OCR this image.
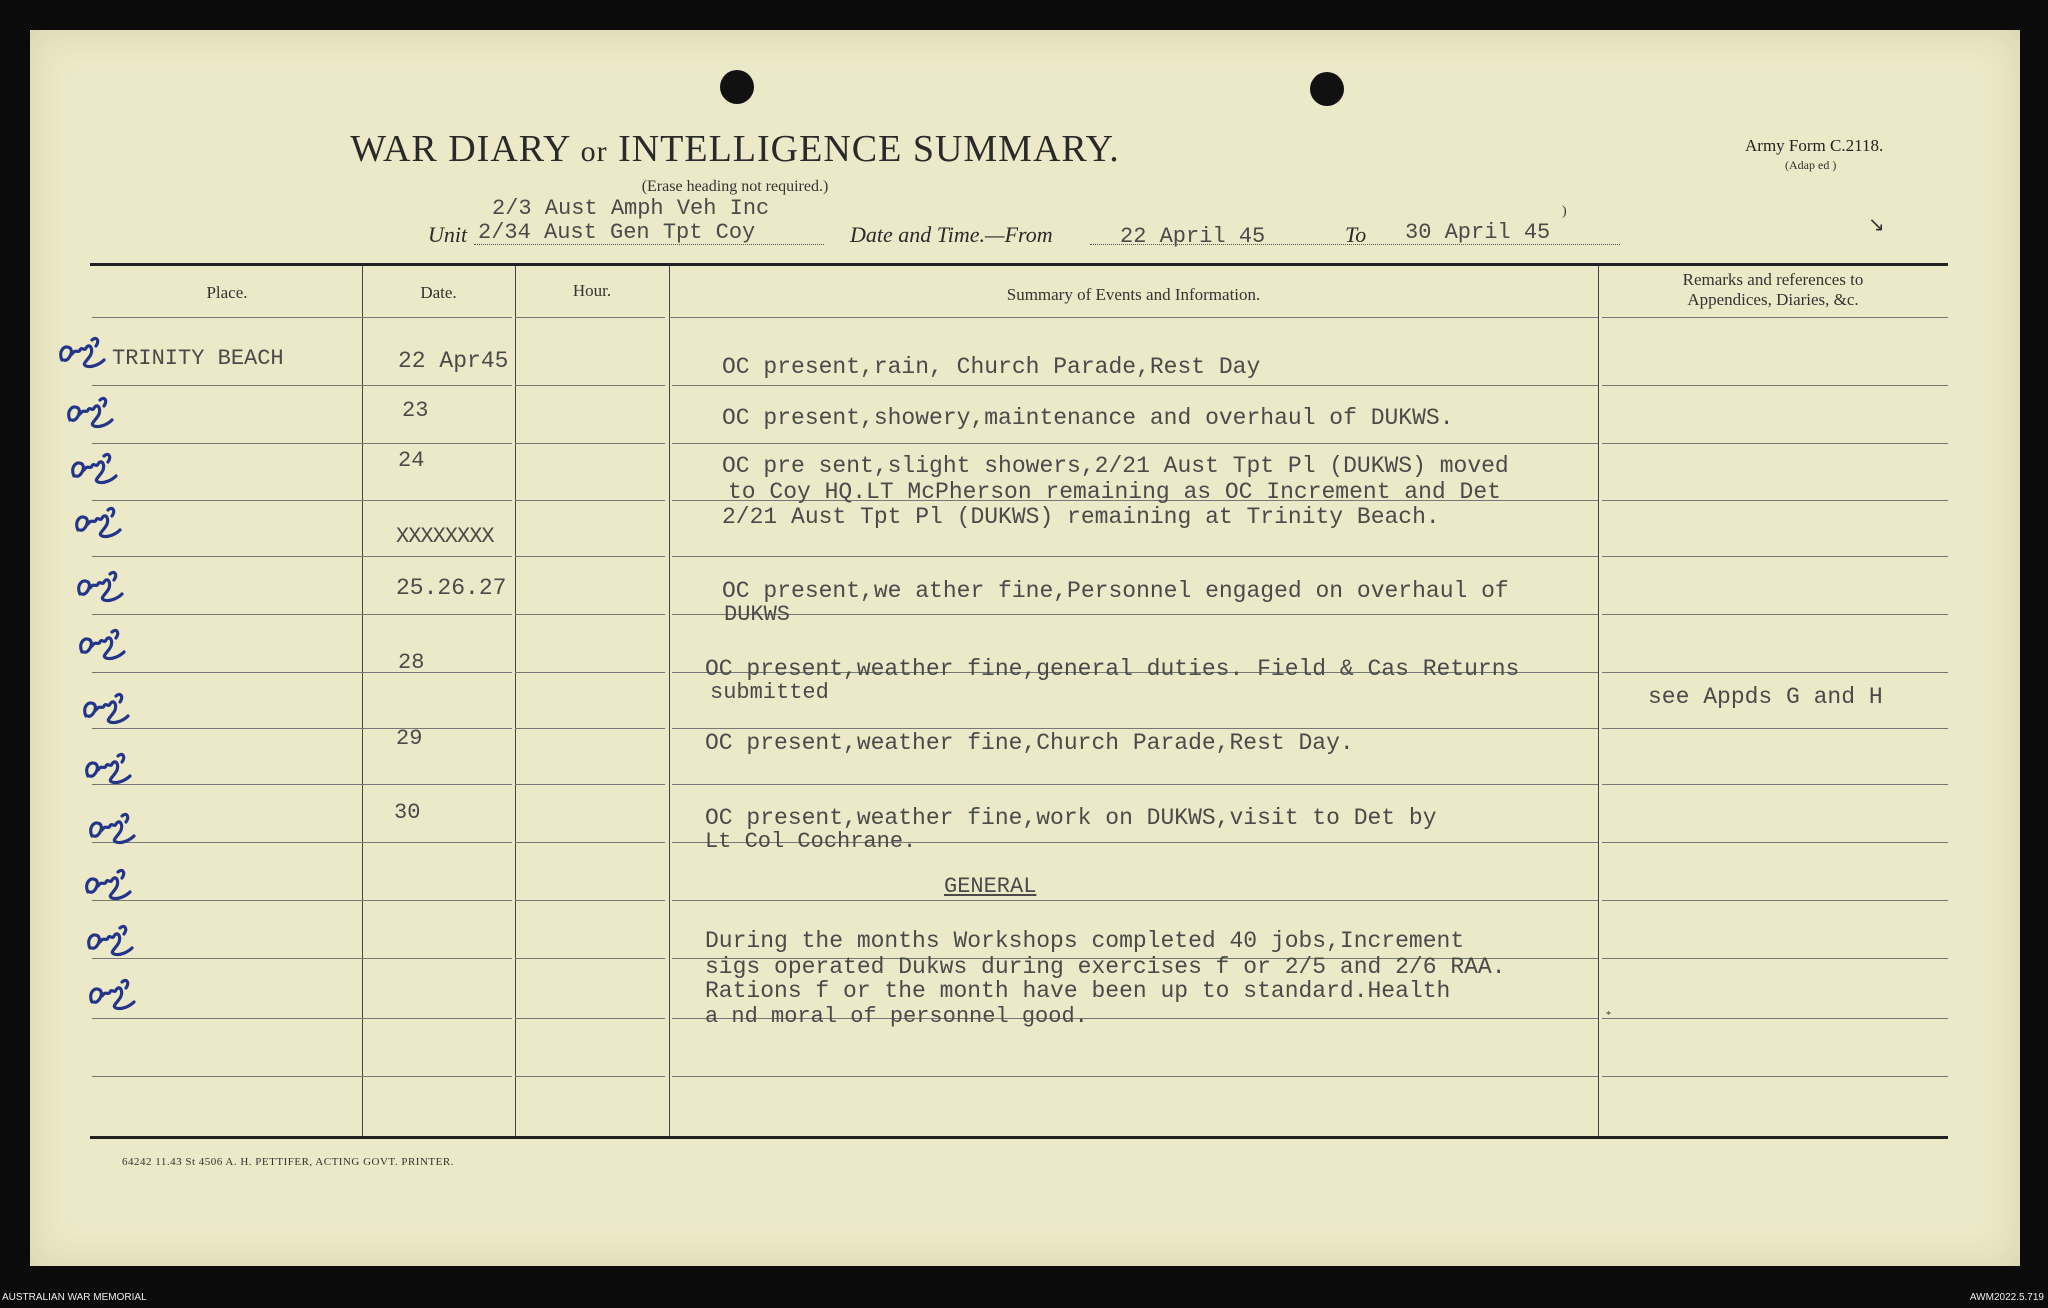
WAR DIARY or INTELLIGENCE SUMMARY.
(Erase heading not required.)
Army Form C.2118.
(Adap ed )
2/3 Aust Amph Veh Inc
Unit 2/34 Aust Gen Tpt Coy	Date and Time.—From	22 April 45	To 30 April 45
Place.	Date.	Hour.	Summary of Events and Information.
Remarks and references to
Appendices, Diaries, &c.
TRINITY BEACH	22 Apr45	OC present,rain, Church Parade,Rest Day
23	OC present,showery,maintenance and overhaul of DUKWS.
24	OC pre sent,slight showers,2/21 Aust Tpt Pl (DUKWS) moved
to Coy HQ.LT McPherson remaining as OC Increment and Det
2/21 Aust Tpt Pl (DUKWS) remaining at Trinity Beach.
XXXXXXXX
25.26.27	OC present,we ather fine,Personnel engaged on overhaul of
DUKWS
28	OC present,weather fine,general duties. Field & Cas Returns
submitted	see Appds G and H
29	OC present,weather fine,Church Parade,Rest Day.
30	OC present,weather fine,work on DUKWS,visit to Det by
Lt Col Cochrane.
GENERAL
During the months Workshops completed 40 jobs,Increment
sigs operated Dukws during exercises f or 2/5 and 2/6 RAA.
Rations f or the month have been up to standard.Health
a nd moral of personnel good.
)
↘
*
64242 11.43 St 4506 A. H. PETTIFER, ACTING GOVT. PRINTER.
AUSTRALIAN WAR MEMORIAL	AWM2022.5.719
